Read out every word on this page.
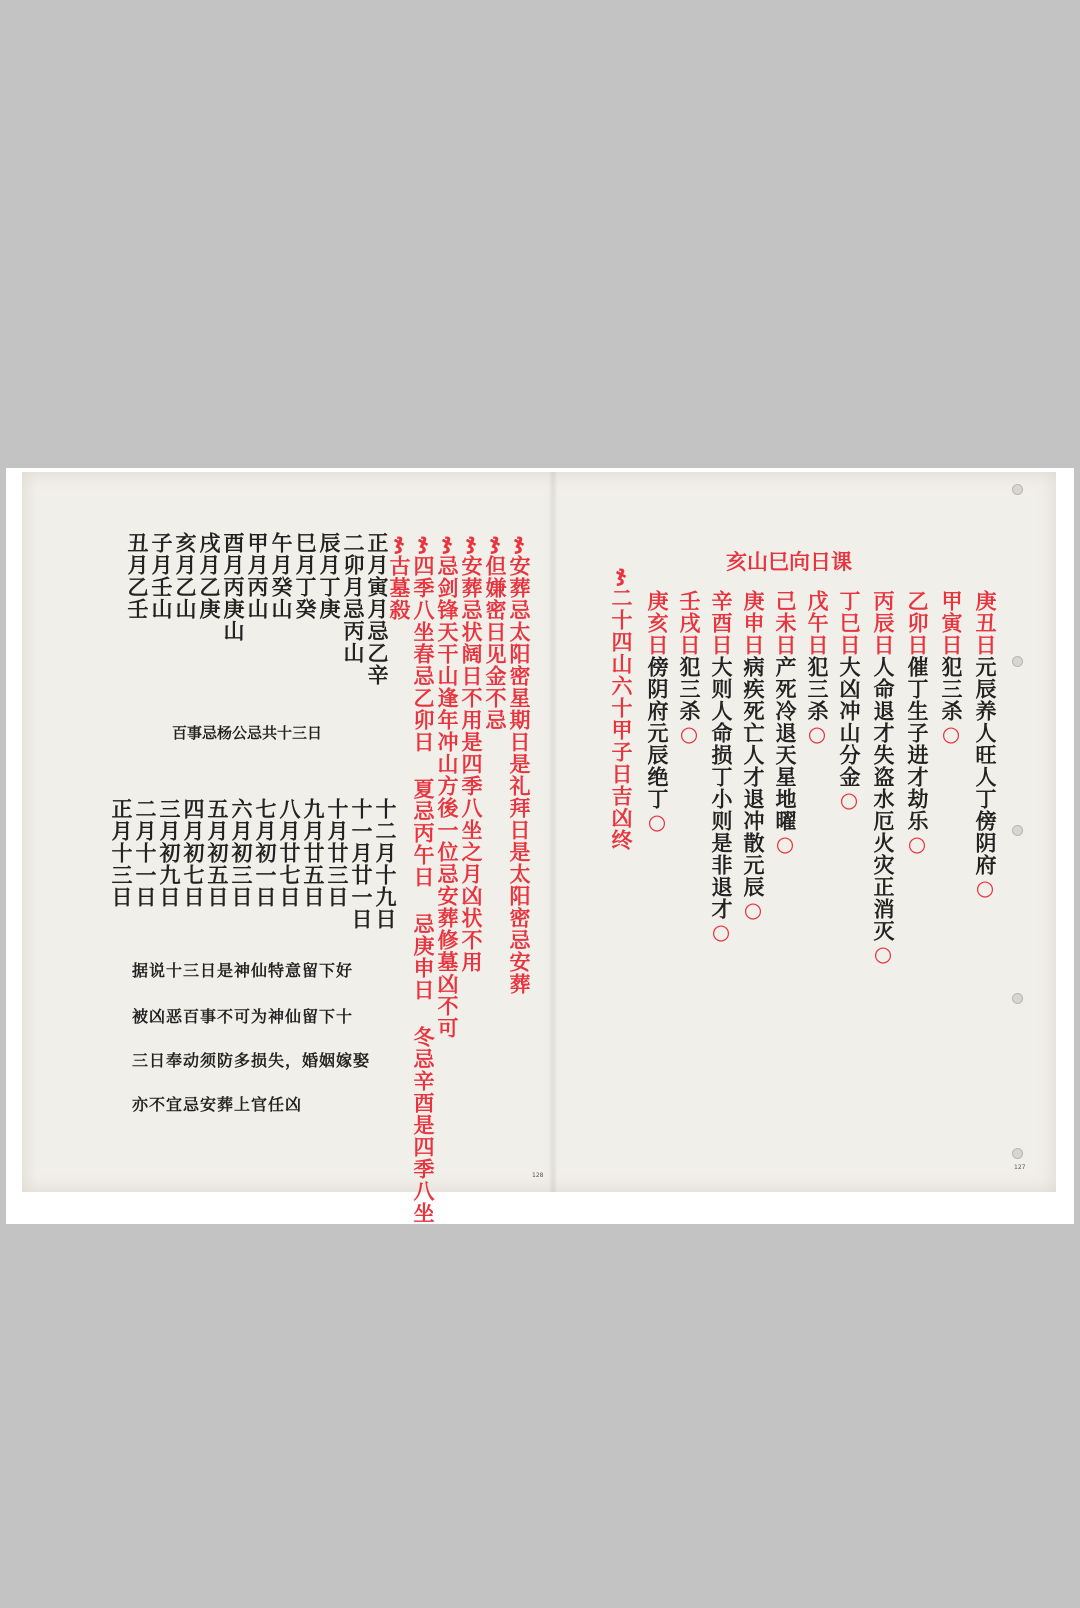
ჯ安葬忌太阳密星期日是礼拜日是太阳密忌安葬
ჯ但嫌密日见金不忌
ჯ安葬忌状阔日不用是四季八坐之月凶状不用
ჯ忌剑锋天干山逢年冲山方後一位忌安葬修墓凶不可
ჯ四季八坐春忌乙卯日 夏忌丙午日 忌庚申日 冬忌辛酉是四季八坐
ჯ古墓殺
正月寅月忌乙辛
二卯月忌丙山
辰月丁庚
巳月丁癸
午月癸山
甲月丙山
酉月丙庚山
戌月乙庚
亥月乙山
子月壬山
丑月乙壬
百事忌杨公忌共十三日
十二月十九日
十一月廿一日
十月廿三日
九月廿五日
八月廿七日
七月初一日
六月初三日
五月初五日
四月初七日
三月初九日
二月十一日
正月十三日
据说十三日是神仙特意留下好
被凶恶百事不可为神仙留下十
三日奉动须防多损失，婚姻嫁娶
亦不宜忌安葬上官任凶
128
亥山巳向日课
庚丑日元辰养人旺人丁傍阴府○
甲寅日犯三杀○
乙卯日催丁生子进才劫乐○
丙辰日人命退才失盗水厄火灾正消灭○
丁巳日大凶冲山分金○
戊午日犯三杀○
己未日产死冷退天星地曜○
庚申日病疾死亡人才退冲散元辰○
辛酉日大则人命损丁小则是非退才○
壬戌日犯三杀○
庚亥日傍阴府元辰绝丁○
ჯ二十四山六十甲子日吉凶终
127
